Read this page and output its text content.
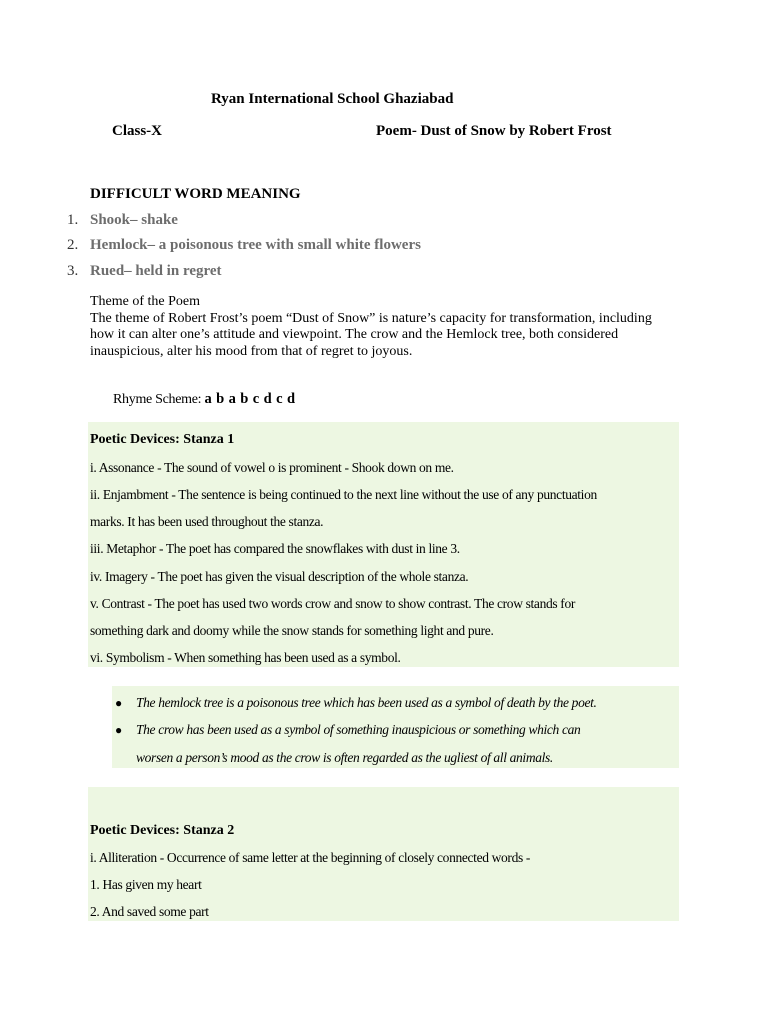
Ryan International School Ghaziabad
Class-X	Poem- Dust of Snow by Robert Frost
DIFFICULT WORD MEANING
1. Shook– shake
2. Hemlock– a poisonous tree with small white flowers
3. Rued– held in regret
Theme of the Poem
The theme of Robert Frost’s poem “Dust of Snow” is nature’s capacity for transformation, including how it can alter one’s attitude and viewpoint. The crow and the Hemlock tree, both considered inauspicious, alter his mood from that of regret to joyous.
Rhyme Scheme: a b a b c d c d
Poetic Devices: Stanza 1
i. Assonance - The sound of vowel o is prominent - Shook down on me.
ii. Enjambment - The sentence is being continued to the next line without the use of any punctuation
marks. It has been used throughout the stanza.
iii. Metaphor - The poet has compared the snowflakes with dust in line 3.
iv. Imagery - The poet has given the visual description of the whole stanza.
v. Contrast - The poet has used two words crow and snow to show contrast. The crow stands for
something dark and doomy while the snow stands for something light and pure.
vi. Symbolism - When something has been used as a symbol.
● The hemlock tree is a poisonous tree which has been used as a symbol of death by the poet.
● The crow has been used as a symbol of something inauspicious or something which can
worsen a person’s mood as the crow is often regarded as the ugliest of all animals.
Poetic Devices: Stanza 2
i. Alliteration - Occurrence of same letter at the beginning of closely connected words -
1. Has given my heart
2. And saved some part
